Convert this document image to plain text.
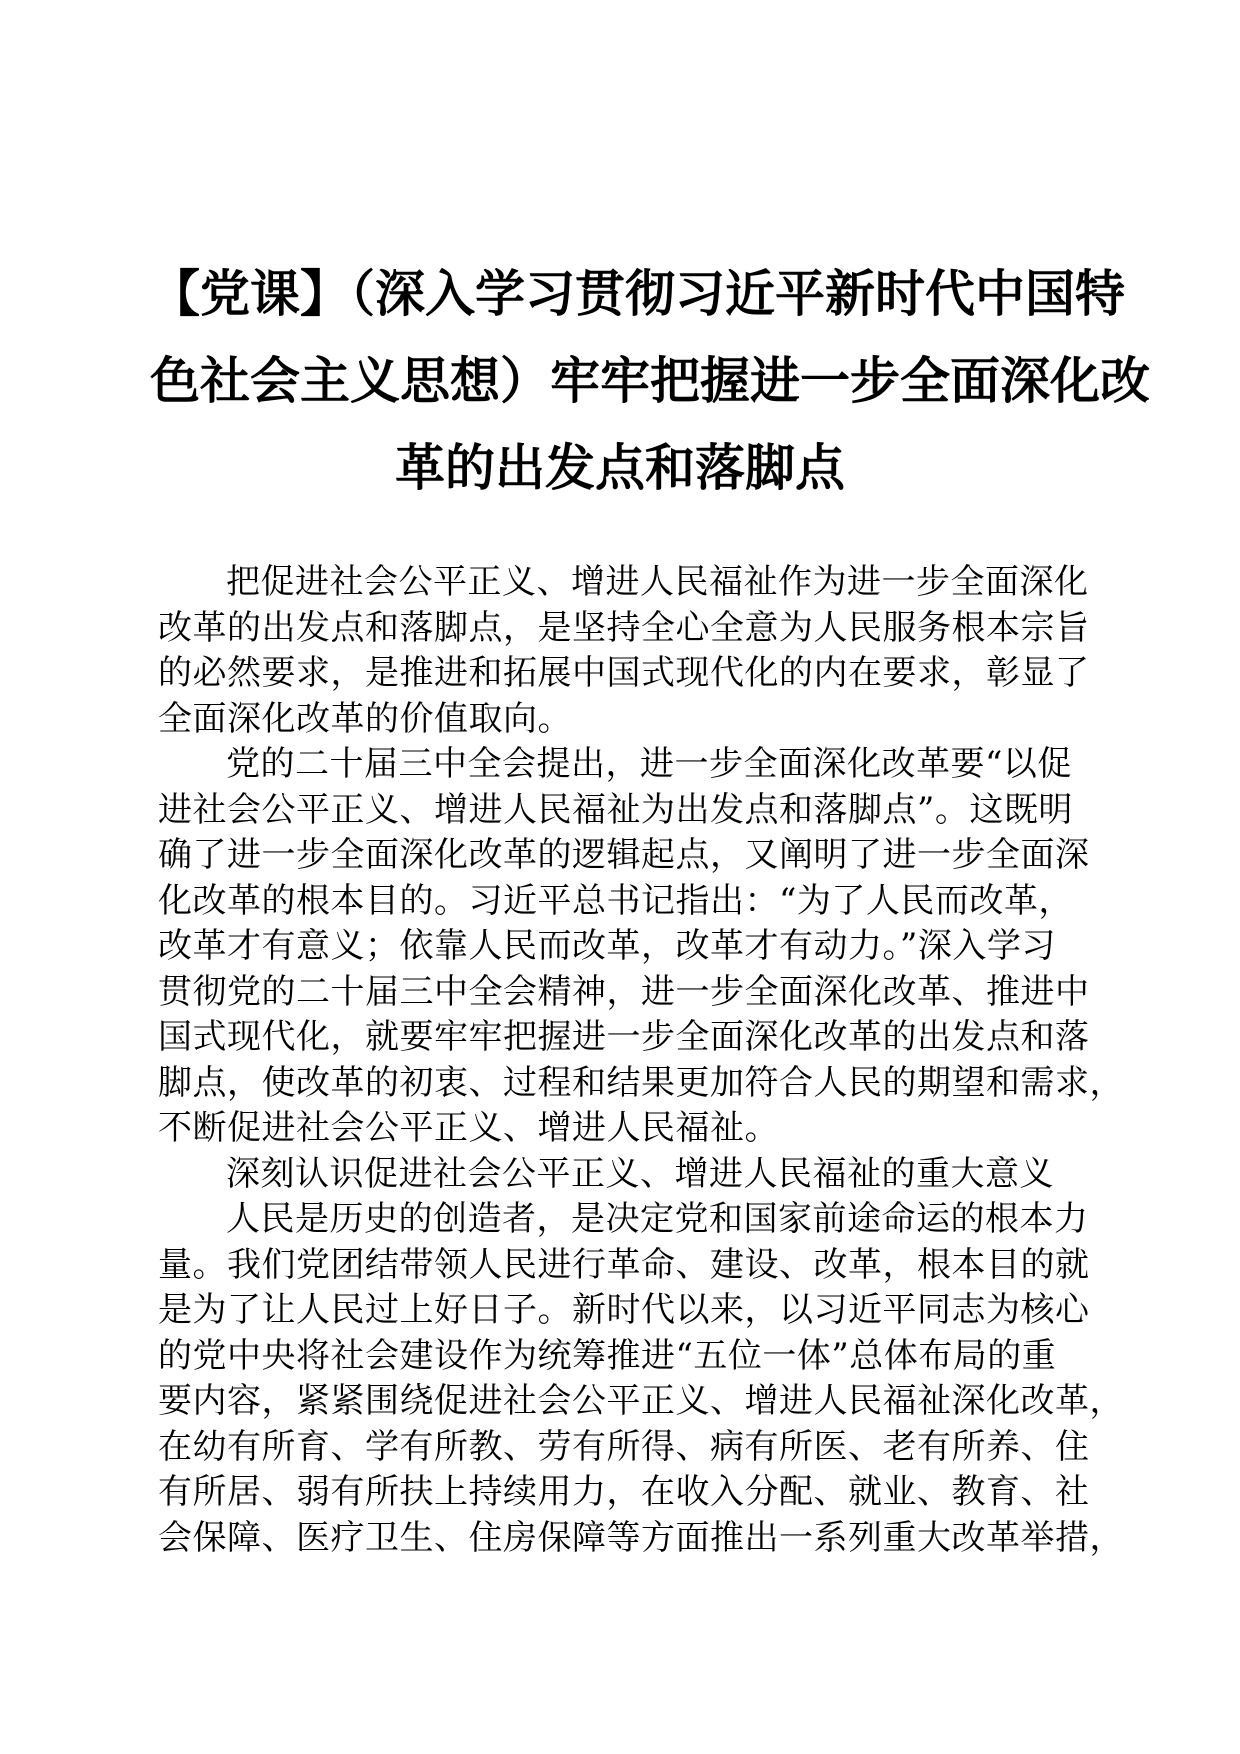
【党课】（深入学习贯彻习近平新时代中国特
色社会主义思想）牢牢把握进一步全面深化改
革的出发点和落脚点

把促进社会公平正义、增进人民福祉作为进一步全面深化
改革的出发点和落脚点，是坚持全心全意为人民服务根本宗旨
的必然要求，是推进和拓展中国式现代化的内在要求，彰显了
全面深化改革的价值取向。

党的二十届三中全会提出，进一步全面深化改革要“以促
进社会公平正义、增进人民福祉为出发点和落脚点”。这既明
确了进一步全面深化改革的逻辑起点，又阐明了进一步全面深
化改革的根本目的。习近平总书记指出：“为了人民而改革，
改革才有意义；依靠人民而改革，改革才有动力。”深入学习
贯彻党的二十届三中全会精神，进一步全面深化改革、推进中
国式现代化，就要牢牢把握进一步全面深化改革的出发点和落
脚点，使改革的初衷、过程和结果更加符合人民的期望和需求，
不断促进社会公平正义、增进人民福祉。

深刻认识促进社会公平正义、增进人民福祉的重大意义

人民是历史的创造者，是决定党和国家前途命运的根本力
量。我们党团结带领人民进行革命、建设、改革，根本目的就
是为了让人民过上好日子。新时代以来，以习近平同志为核心
的党中央将社会建设作为统筹推进“五位一体”总体布局的重
要内容，紧紧围绕促进社会公平正义、增进人民福祉深化改革，
在幼有所育、学有所教、劳有所得、病有所医、老有所养、住
有所居、弱有所扶上持续用力，在收入分配、就业、教育、社
会保障、医疗卫生、住房保障等方面推出一系列重大改革举措，
